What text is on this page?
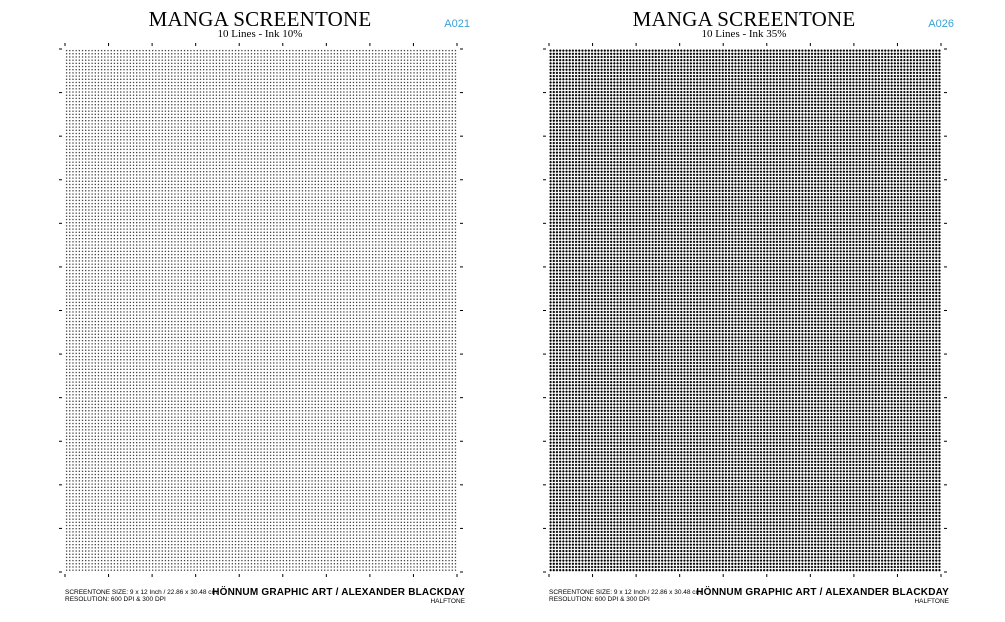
MANGA SCREENTONE
10 Lines - Ink 10%
A021
SCREENTONE SIZE: 9 x 12 Inch / 22.86 x 30.48 cm
RESOLUTION: 600 DPI & 300 DPI
HÖNNUM GRAPHIC ART / ALEXANDER BLACKDAY
HALFTONE
MANGA SCREENTONE
10 Lines - Ink 35%
A026
SCREENTONE SIZE: 9 x 12 Inch / 22.86 x 30.48 cm
RESOLUTION: 600 DPI & 300 DPI
HÖNNUM GRAPHIC ART / ALEXANDER BLACKDAY
HALFTONE
